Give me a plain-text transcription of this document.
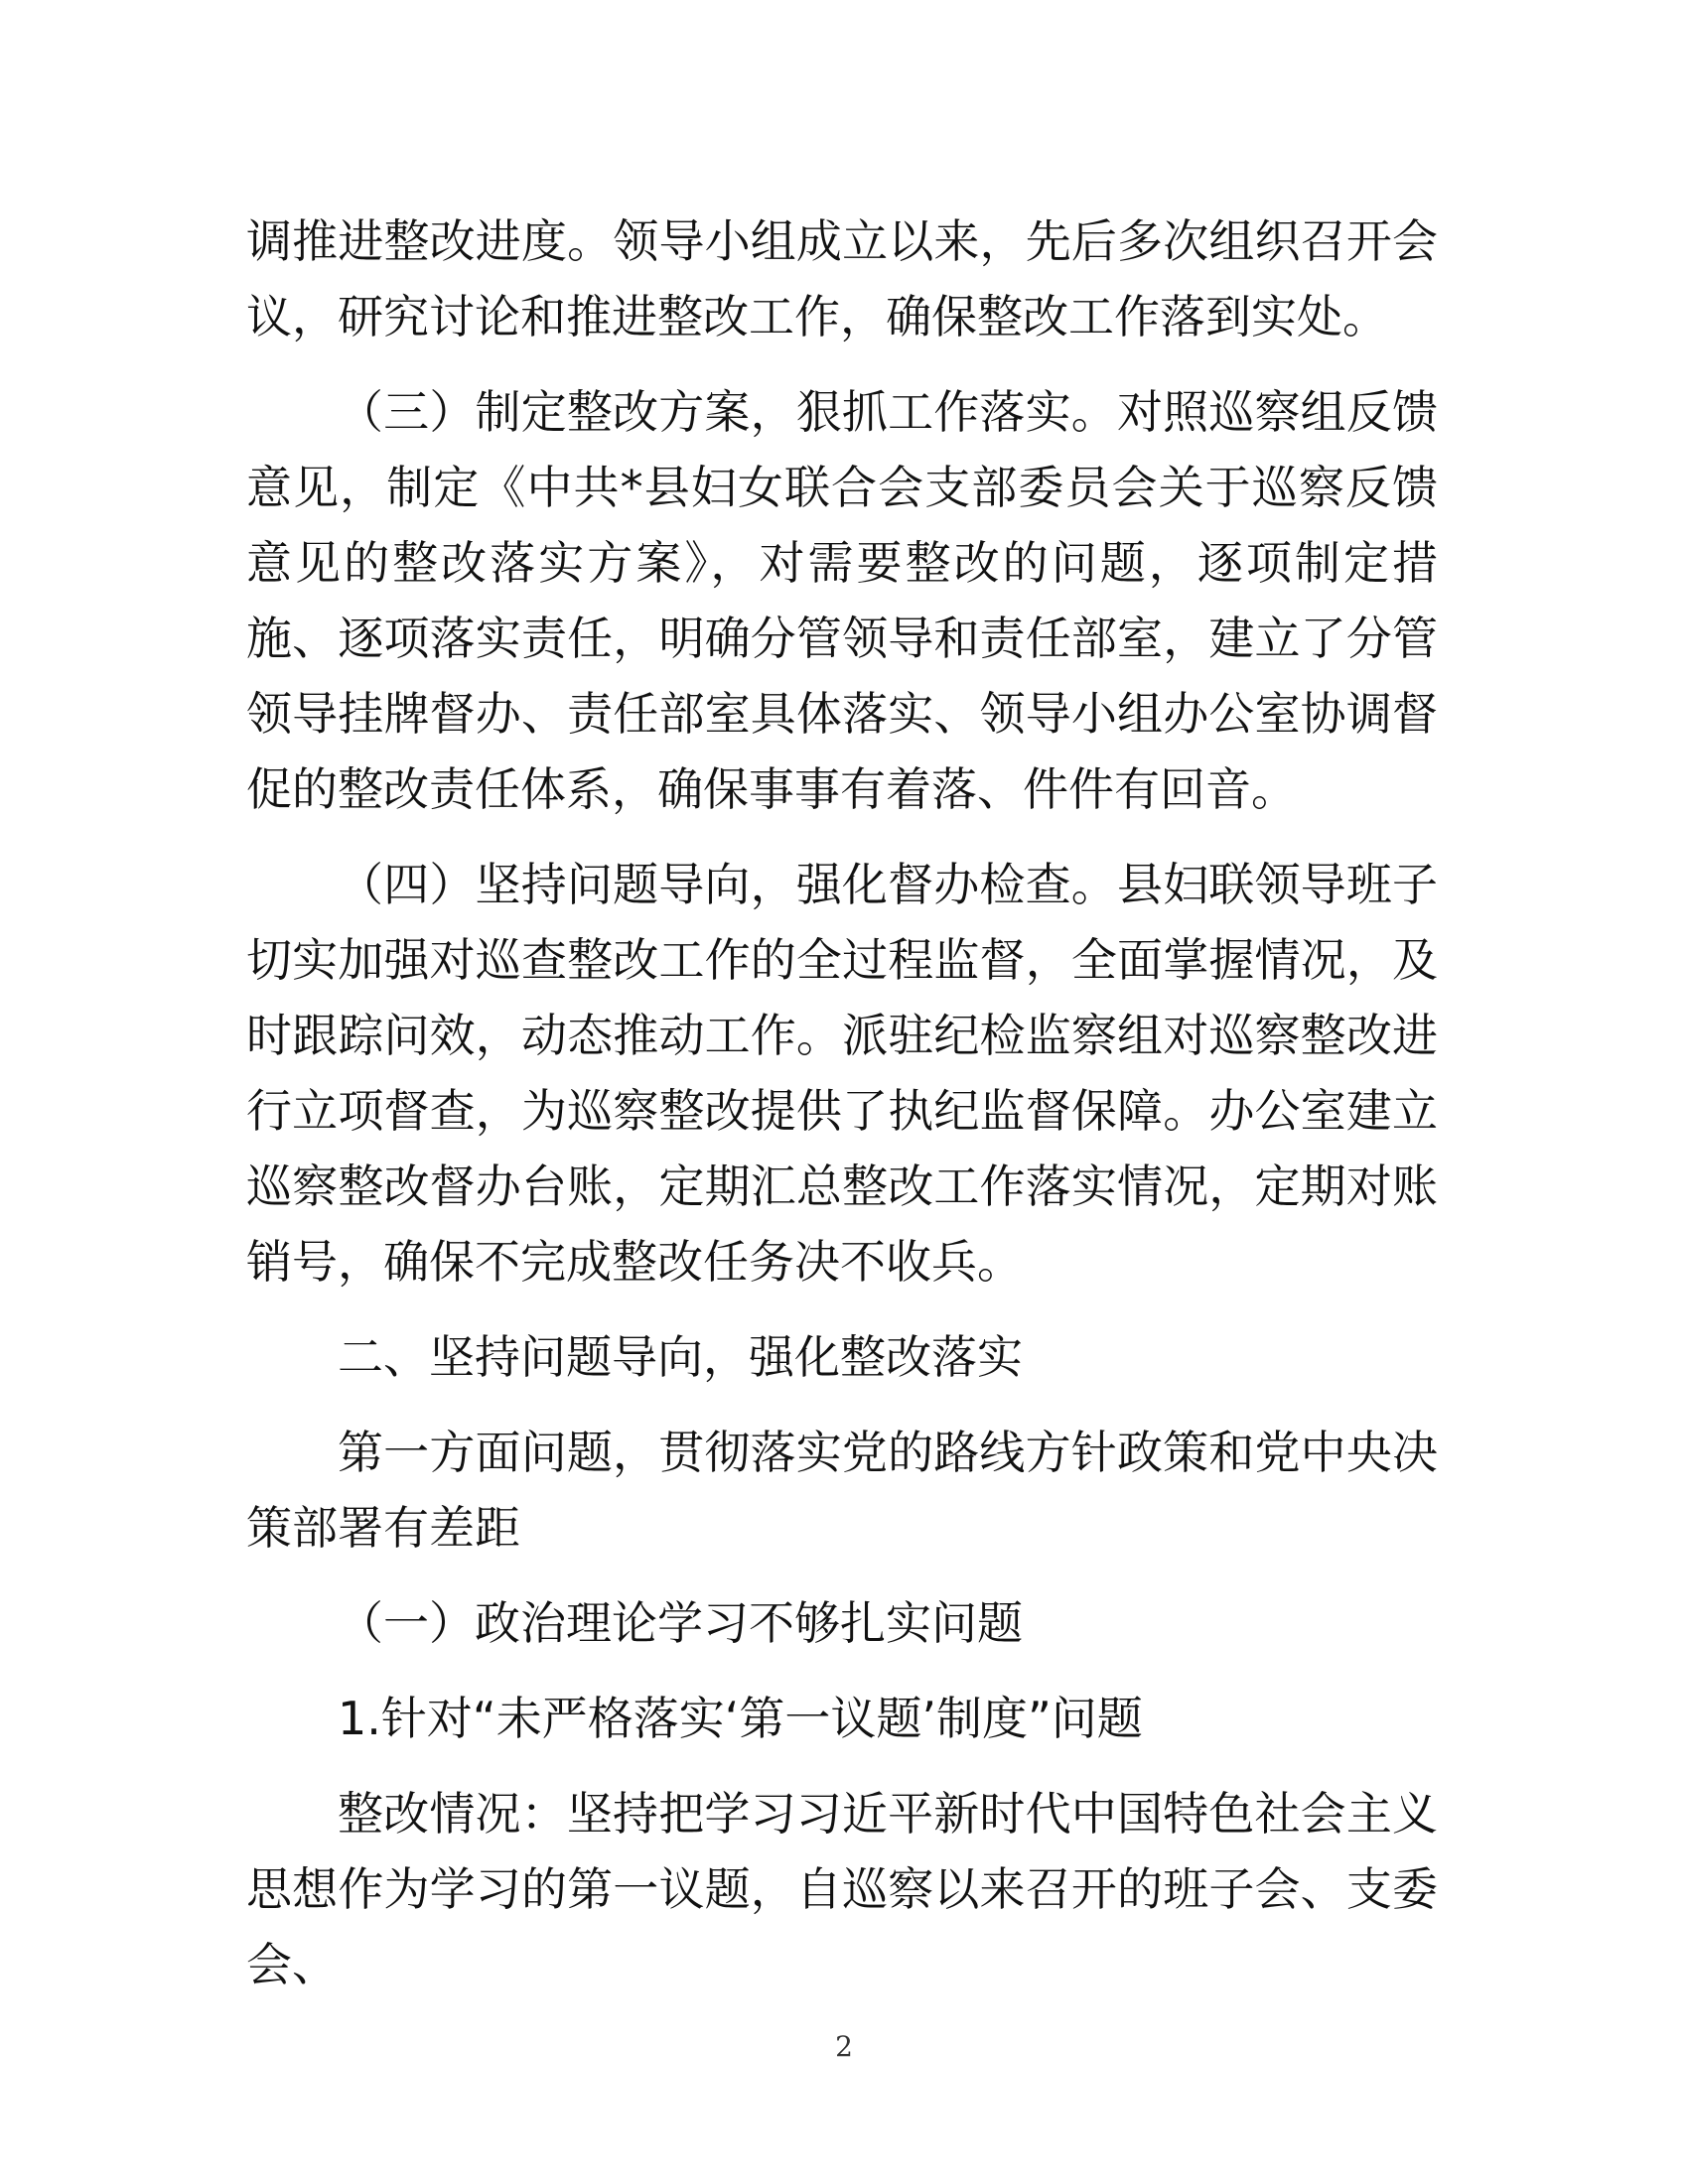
调推进整改进度。领导小组成立以来，先后多次组织召开会议，研究讨论和推进整改工作，确保整改工作落到实处。

（三）制定整改方案，狠抓工作落实。对照巡察组反馈意见，制定《中共*县妇女联合会支部委员会关于巡察反馈意见的整改落实方案》，对需要整改的问题，逐项制定措施、逐项落实责任，明确分管领导和责任部室，建立了分管领导挂牌督办、责任部室具体落实、领导小组办公室协调督促的整改责任体系，确保事事有着落、件件有回音。

（四）坚持问题导向，强化督办检查。县妇联领导班子切实加强对巡查整改工作的全过程监督，全面掌握情况，及时跟踪问效，动态推动工作。派驻纪检监察组对巡察整改进行立项督查，为巡察整改提供了执纪监督保障。办公室建立巡察整改督办台账，定期汇总整改工作落实情况，定期对账销号，确保不完成整改任务决不收兵。

二、坚持问题导向，强化整改落实

第一方面问题，贯彻落实党的路线方针政策和党中央决策部署有差距

（一）政治理论学习不够扎实问题

1.针对“未严格落实‘第一议题’制度”问题

整改情况：坚持把学习习近平新时代中国特色社会主义思想作为学习的第一议题，自巡察以来召开的班子会、支委会、

2
